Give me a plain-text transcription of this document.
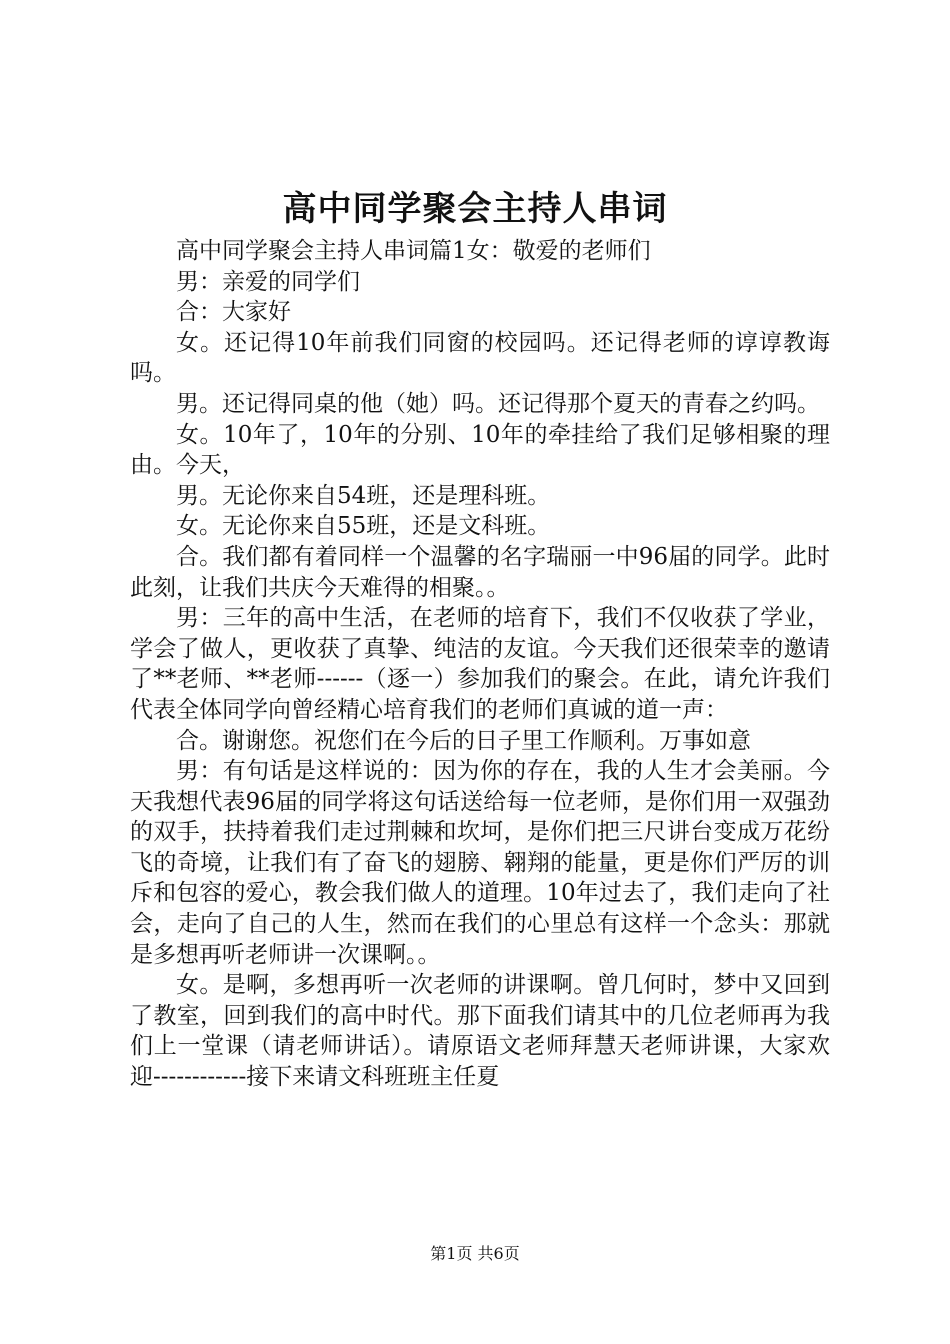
高中同学聚会主持人串词

高中同学聚会主持人串词篇1女：敬爱的老师们

男：亲爱的同学们

合：大家好

女。还记得10年前我们同窗的校园吗。还记得老师的谆谆教诲吗。

男。还记得同桌的他（她）吗。还记得那个夏天的青春之约吗。

女。10年了，10年的分别、10年的牵挂给了我们足够相聚的理由。今天，

男。无论你来自54班，还是理科班。

女。无论你来自55班，还是文科班。

合。我们都有着同样一个温馨的名字瑞丽一中96届的同学。此时此刻，让我们共庆今天难得的相聚。。

男：三年的高中生活，在老师的培育下，我们不仅收获了学业，学会了做人，更收获了真挚、纯洁的友谊。今天我们还很荣幸的邀请了**老师、**老师------（逐一）参加我们的聚会。在此，请允许我们代表全体同学向曾经精心培育我们的老师们真诚的道一声：

合。谢谢您。祝您们在今后的日子里工作顺利。万事如意

男：有句话是这样说的：因为你的存在，我的人生才会美丽。今天我想代表96届的同学将这句话送给每一位老师，是你们用一双强劲的双手，扶持着我们走过荆棘和坎坷，是你们把三尺讲台变成万花纷飞的奇境，让我们有了奋飞的翅膀、翱翔的能量，更是你们严厉的训斥和包容的爱心，教会我们做人的道理。10年过去了，我们走向了社会，走向了自己的人生，然而在我们的心里总有这样一个念头：那就是多想再听老师讲一次课啊。。

女。是啊，多想再听一次老师的讲课啊。曾几何时，梦中又回到了教室，回到我们的高中时代。那下面我们请其中的几位老师再为我们上一堂课（请老师讲话）。请原语文老师拜慧天老师讲课，大家欢迎------------接下来请文科班班主任夏

第1页 共6页
